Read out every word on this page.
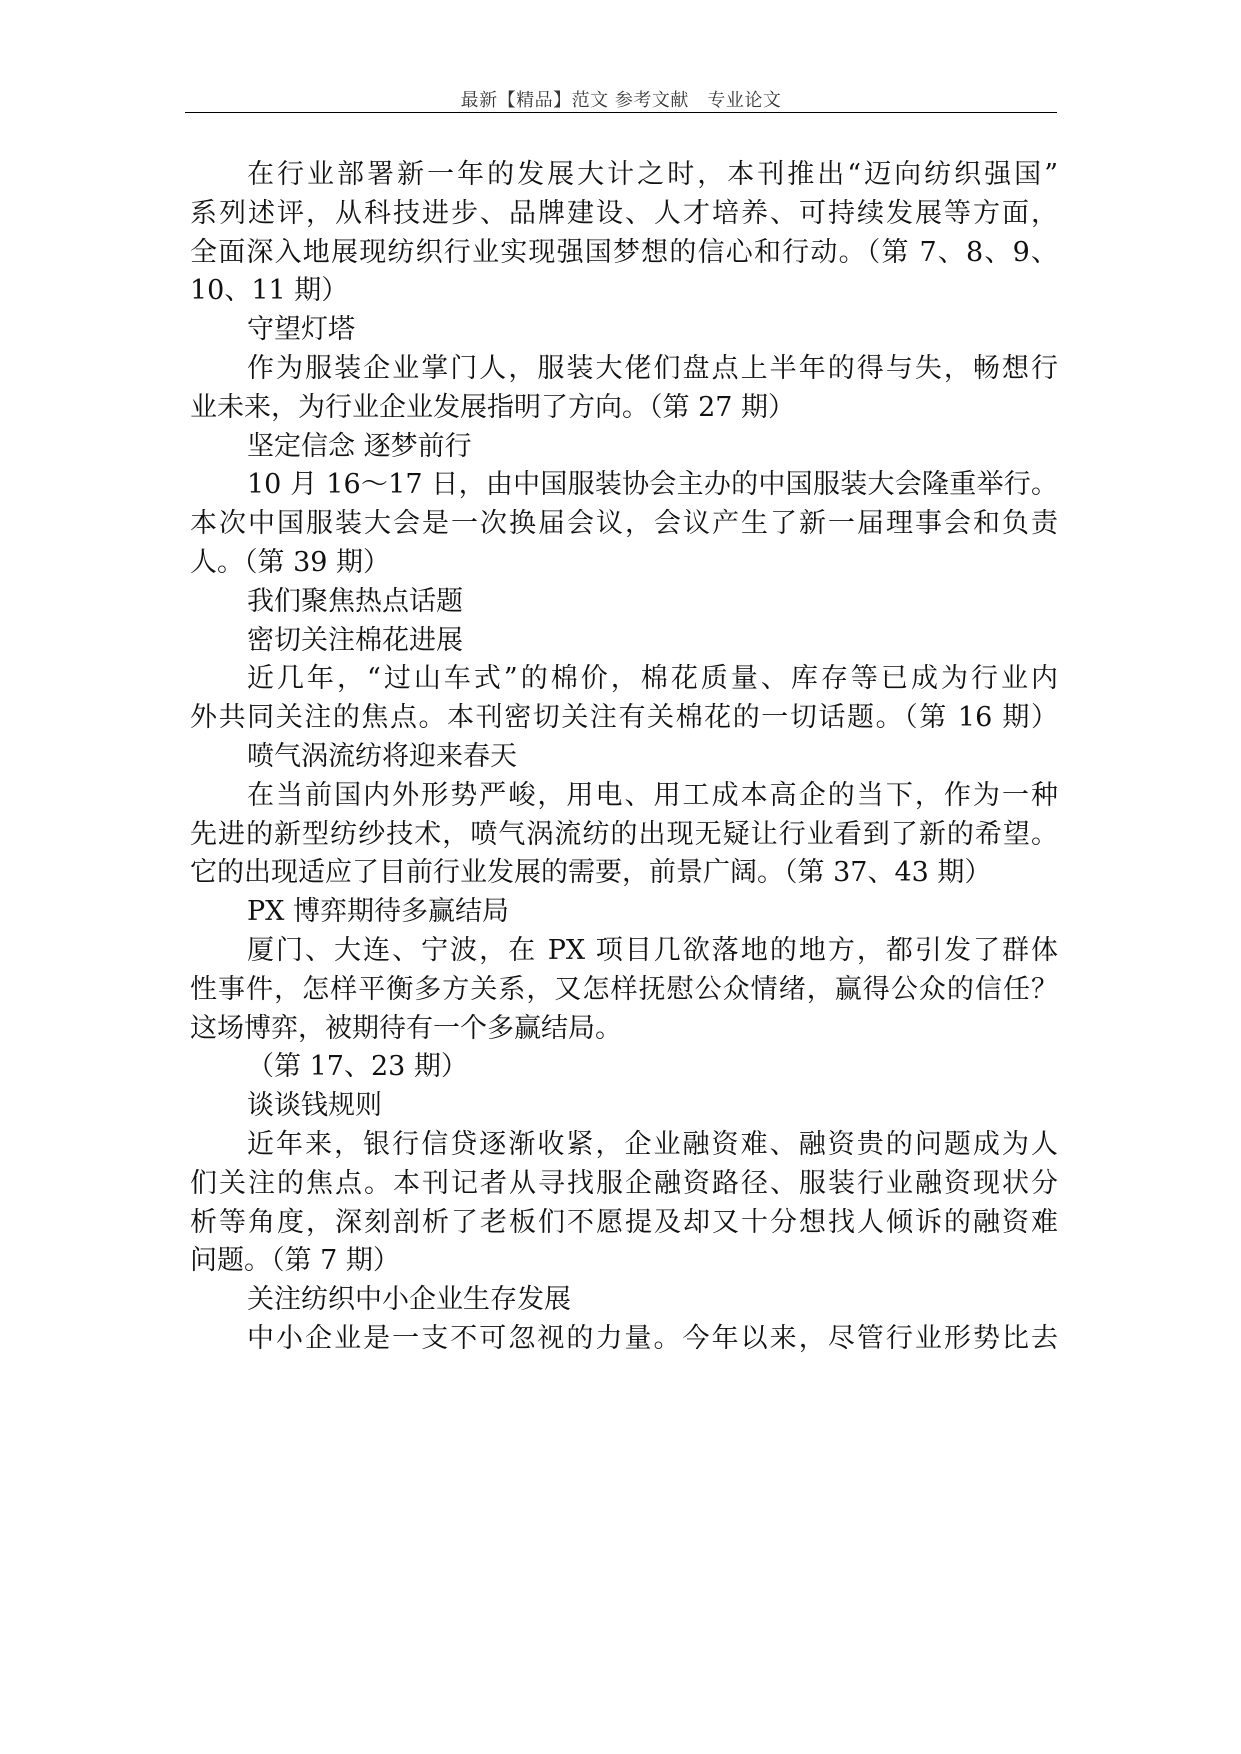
最新【精品】范文 参考文献　专业论文
在行业部署新一年的发展大计之时，本刊推出“迈向纺织强国”
系列述评，从科技进步、品牌建设、人才培养、可持续发展等方面，
全面深入地展现纺织行业实现强国梦想的信心和行动。（第 7、8、9、
10、11 期）
守望灯塔
作为服装企业掌门人，服装大佬们盘点上半年的得与失，畅想行
业未来，为行业企业发展指明了方向。（第 27 期）
坚定信念 逐梦前行
10 月 16～17 日，由中国服装协会主办的中国服装大会隆重举行。
本次中国服装大会是一次换届会议，会议产生了新一届理事会和负责
人。（第 39 期）
我们聚焦热点话题
密切关注棉花进展
近几年，“过山车式”的棉价，棉花质量、库存等已成为行业内
外共同关注的焦点。本刊密切关注有关棉花的一切话题。（第 16 期）
喷气涡流纺将迎来春天
在当前国内外形势严峻，用电、用工成本高企的当下，作为一种
先进的新型纺纱技术，喷气涡流纺的出现无疑让行业看到了新的希望。
它的出现适应了目前行业发展的需要，前景广阔。（第 37、43 期）
PX 博弈期待多赢结局
厦门、大连、宁波，在 PX 项目几欲落地的地方，都引发了群体
性事件，怎样平衡多方关系，又怎样抚慰公众情绪，赢得公众的信任？
这场博弈，被期待有一个多赢结局。
（第 17、23 期）
谈谈钱规则
近年来，银行信贷逐渐收紧，企业融资难、融资贵的问题成为人
们关注的焦点。本刊记者从寻找服企融资路径、服装行业融资现状分
析等角度，深刻剖析了老板们不愿提及却又十分想找人倾诉的融资难
问题。（第 7 期）
关注纺织中小企业生存发展
中小企业是一支不可忽视的力量。今年以来，尽管行业形势比去
